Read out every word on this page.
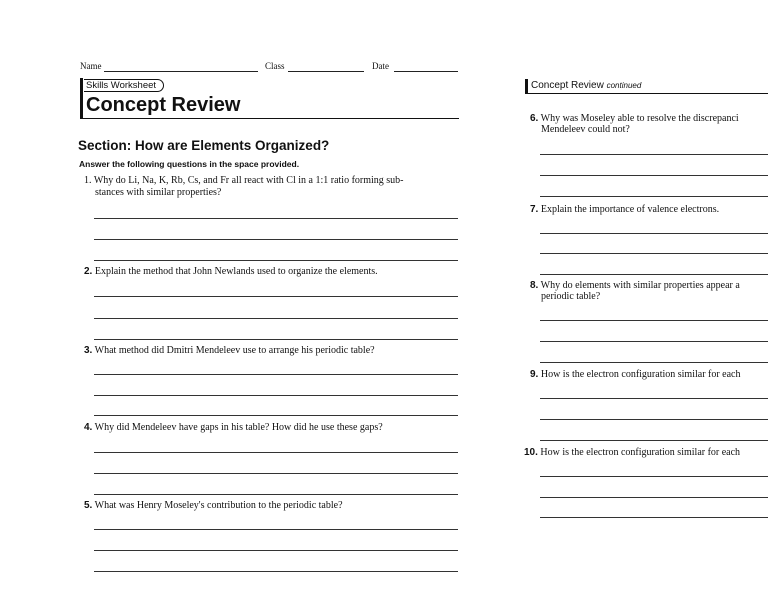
Name	Class	Date
Skills Worksheet
Concept Review
Section: How are Elements Organized?
Answer the following questions in the space provided.
1. Why do Li, Na, K, Rb, Cs, and Fr all react with Cl in a 1:1 ratio forming sub-
stances with similar properties?
2. Explain the method that John Newlands used to organize the elements.
3. What method did Dmitri Mendeleev use to arrange his periodic table?
4. Why did Mendeleev have gaps in his table? How did he use these gaps?
5. What was Henry Moseley's contribution to the periodic table?
Concept Review continued
6. Why was Moseley able to resolve the discrepanci
Mendeleev could not?
7. Explain the importance of valence electrons.
8. Why do elements with similar properties appear a
periodic table?
9. How is the electron configuration similar for each
10. How is the electron configuration similar for each
